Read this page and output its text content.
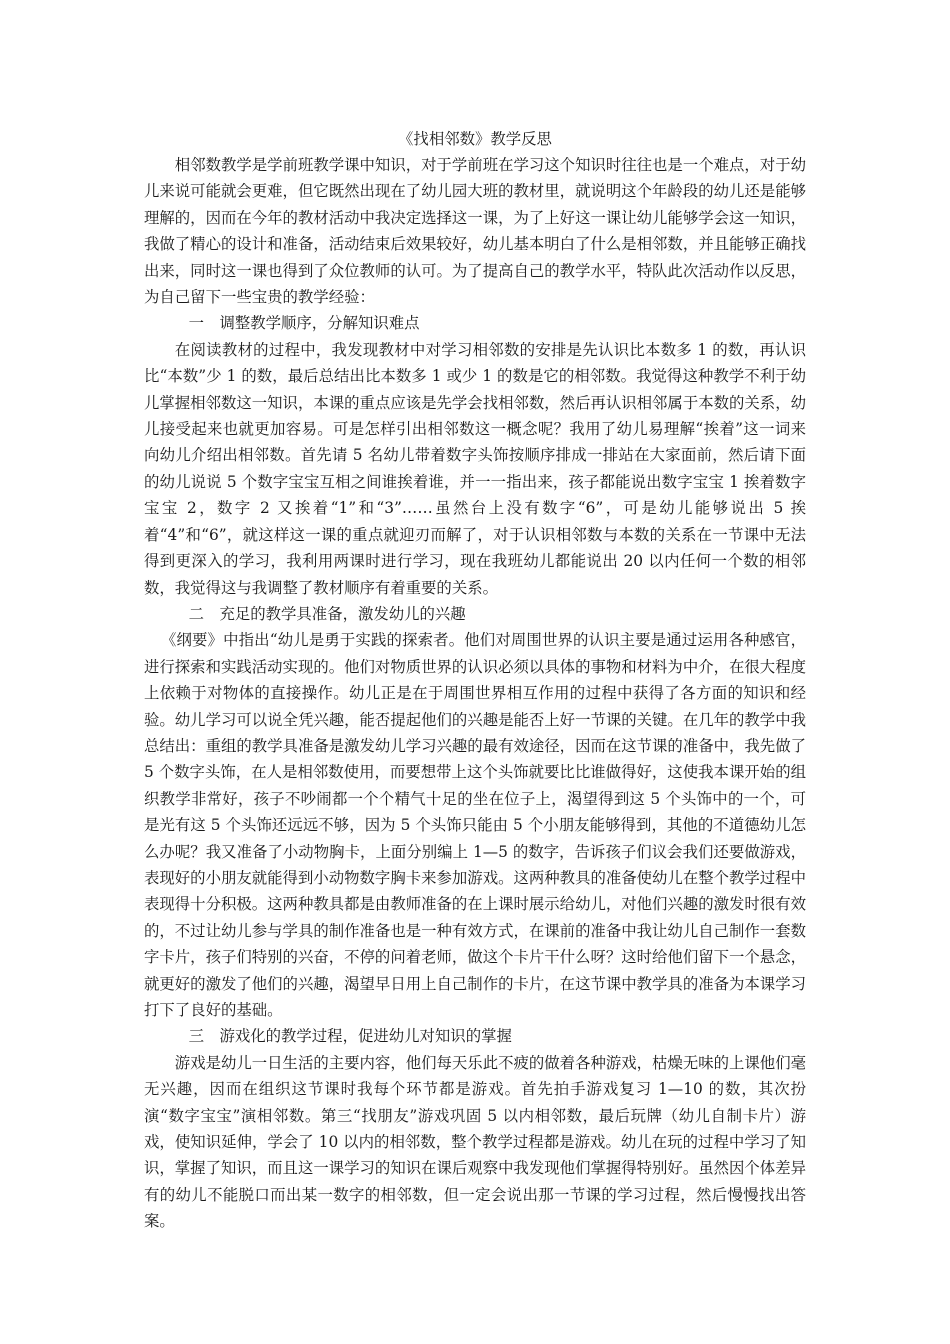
《找相邻数》教学反思

相邻数教学是学前班教学课中知识，对于学前班在学习这个知识时往往也是一个难点，对于幼儿来说可能就会更难，但它既然出现在了幼儿园大班的教材里，就说明这个年龄段的幼儿还是能够理解的，因而在今年的教材活动中我决定选择这一课，为了上好这一课让幼儿能够学会这一知识，我做了精心的设计和准备，活动结束后效果较好，幼儿基本明白了什么是相邻数，并且能够正确找出来，同时这一课也得到了众位教师的认可。为了提高自己的教学水平，特队此次活动作以反思，为自己留下一些宝贵的教学经验：

一　调整教学顺序，分解知识难点

在阅读教材的过程中，我发现教材中对学习相邻数的安排是先认识比本数多 1 的数，再认识比“本数”少 1 的数，最后总结出比本数多 1 或少 1 的数是它的相邻数。我觉得这种教学不利于幼儿掌握相邻数这一知识，本课的重点应该是先学会找相邻数，然后再认识相邻属于本数的关系，幼儿接受起来也就更加容易。可是怎样引出相邻数这一概念呢？我用了幼儿易理解“挨着”这一词来向幼儿介绍出相邻数。首先请 5 名幼儿带着数字头饰按顺序排成一排站在大家面前，然后请下面的幼儿说说 5 个数字宝宝互相之间谁挨着谁，并一一指出来，孩子都能说出数字宝宝 1 挨着数字宝宝 2，数字 2 又挨着“1”和“3”……虽然台上没有数字“6”，可是幼儿能够说出 5 挨着“4”和“6”，就这样这一课的重点就迎刃而解了，对于认识相邻数与本数的关系在一节课中无法得到更深入的学习，我利用两课时进行学习，现在我班幼儿都能说出 20 以内任何一个数的相邻数，我觉得这与我调整了教材顺序有着重要的关系。

二　充足的教学具准备，激发幼儿的兴趣

《纲要》中指出“幼儿是勇于实践的探索者。他们对周围世界的认识主要是通过运用各种感官，进行探索和实践活动实现的。他们对物质世界的认识必须以具体的事物和材料为中介，在很大程度上依赖于对物体的直接操作。幼儿正是在于周围世界相互作用的过程中获得了各方面的知识和经验。幼儿学习可以说全凭兴趣，能否提起他们的兴趣是能否上好一节课的关键。在几年的教学中我总结出：重组的教学具准备是激发幼儿学习兴趣的最有效途径，因而在这节课的准备中，我先做了 5 个数字头饰，在人是相邻数使用，而要想带上这个头饰就要比比谁做得好，这使我本课开始的组织教学非常好，孩子不吵闹都一个个精气十足的坐在位子上，渴望得到这 5 个头饰中的一个，可是光有这 5 个头饰还远远不够，因为 5 个头饰只能由 5 个小朋友能够得到，其他的不道德幼儿怎么办呢？我又准备了小动物胸卡，上面分别编上 1—5 的数字，告诉孩子们议会我们还要做游戏，表现好的小朋友就能得到小动物数字胸卡来参加游戏。这两种教具的准备使幼儿在整个教学过程中表现得十分积极。这两种教具都是由教师准备的在上课时展示给幼儿，对他们兴趣的激发时很有效的，不过让幼儿参与学具的制作准备也是一种有效方式，在课前的准备中我让幼儿自己制作一套数字卡片，孩子们特别的兴奋，不停的问着老师，做这个卡片干什么呀？这时给他们留下一个悬念，就更好的激发了他们的兴趣，渴望早日用上自己制作的卡片，在这节课中教学具的准备为本课学习打下了良好的基础。

三　游戏化的教学过程，促进幼儿对知识的掌握

游戏是幼儿一日生活的主要内容，他们每天乐此不疲的做着各种游戏，枯燥无味的上课他们毫无兴趣，因而在组织这节课时我每个环节都是游戏。首先拍手游戏复习 1—10 的数，其次扮演“数字宝宝”演相邻数。第三“找朋友”游戏巩固 5 以内相邻数，最后玩牌（幼儿自制卡片）游戏，使知识延伸，学会了 10 以内的相邻数，整个教学过程都是游戏。幼儿在玩的过程中学习了知识，掌握了知识，而且这一课学习的知识在课后观察中我发现他们掌握得特别好。虽然因个体差异有的幼儿不能脱口而出某一数字的相邻数，但一定会说出那一节课的学习过程，然后慢慢找出答案。
